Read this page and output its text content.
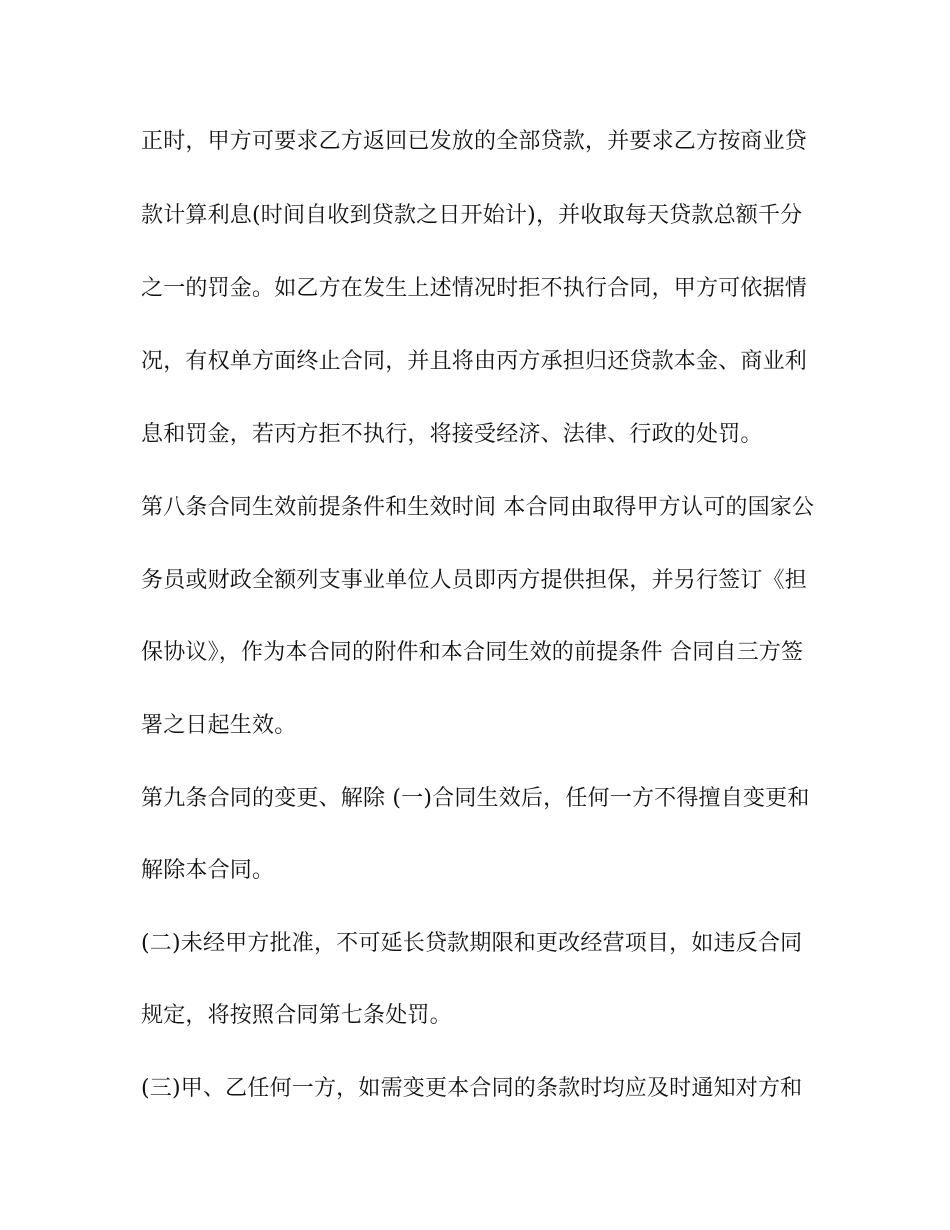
正时，甲方可要求乙方返回已发放的全部贷款，并要求乙方按商业贷
款计算利息(时间自收到贷款之日开始计)，并收取每天贷款总额千分
之一的罚金。如乙方在发生上述情况时拒不执行合同，甲方可依据情
况，有权单方面终止合同，并且将由丙方承担归还贷款本金、商业利
息和罚金，若丙方拒不执行，将接受经济、法律、行政的处罚。
第八条合同生效前提条件和生效时间 本合同由取得甲方认可的国家公
务员或财政全额列支事业单位人员即丙方提供担保，并另行签订《担
保协议》，作为本合同的附件和本合同生效的前提条件 合同自三方签
署之日起生效。
第九条合同的变更、解除 (一)合同生效后，任何一方不得擅自变更和
解除本合同。
(二)未经甲方批准，不可延长贷款期限和更改经营项目，如违反合同
规定，将按照合同第七条处罚。
(三)甲、乙任何一方，如需变更本合同的条款时均应及时通知对方和
